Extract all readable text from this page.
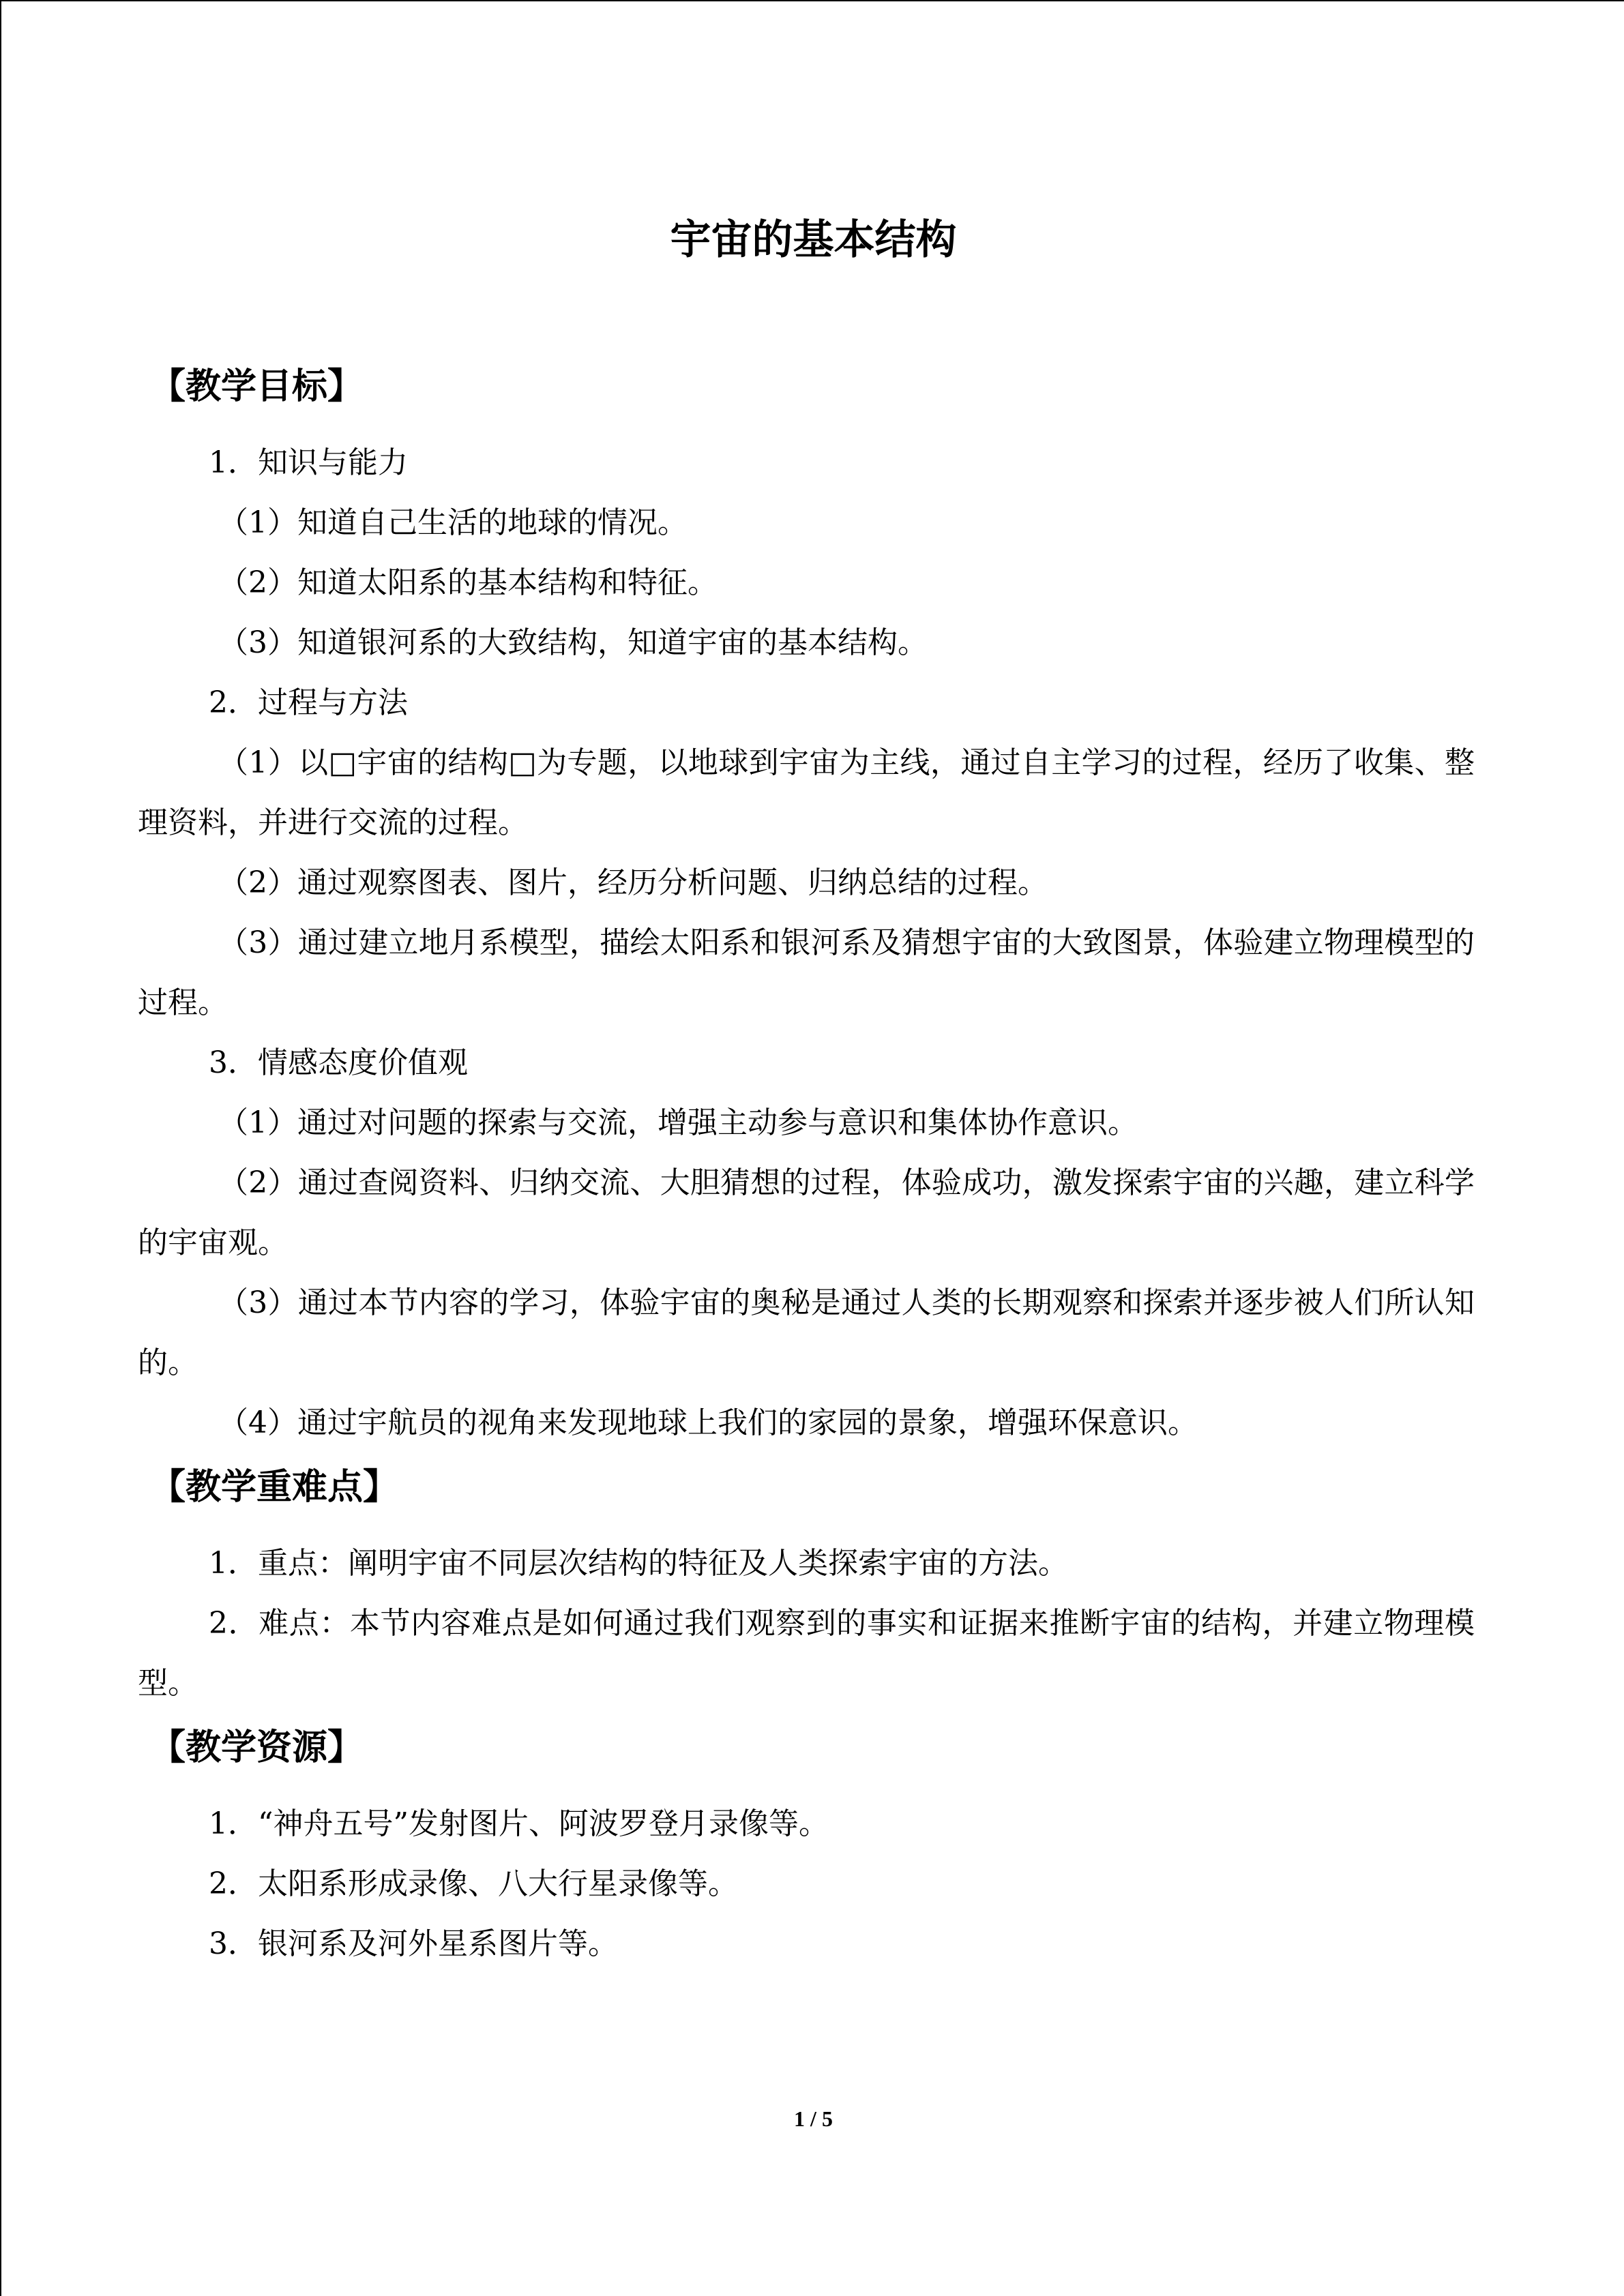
宇宙的基本结构
【教学目标】

1．知识与能力

（1）知道自己生活的地球的情况。

（2）知道太阳系的基本结构和特征。

（3）知道银河系的大致结构，知道宇宙的基本结构。

2．过程与方法

（1）以□宇宙的结构□为专题，以地球到宇宙为主线，通过自主学习的过程，经历了收集、整理资料，并进行交流的过程。

（2）通过观察图表、图片，经历分析问题、归纳总结的过程。

（3）通过建立地月系模型，描绘太阳系和银河系及猜想宇宙的大致图景，体验建立物理模型的过程。

3．情感态度价值观

（1）通过对问题的探索与交流，增强主动参与意识和集体协作意识。

（2）通过查阅资料、归纳交流、大胆猜想的过程，体验成功，激发探索宇宙的兴趣，建立科学的宇宙观。

（3）通过本节内容的学习，体验宇宙的奥秘是通过人类的长期观察和探索并逐步被人们所认知的。

（4）通过宇航员的视角来发现地球上我们的家园的景象，增强环保意识。

【教学重难点】

1．重点：阐明宇宙不同层次结构的特征及人类探索宇宙的方法。

2．难点：本节内容难点是如何通过我们观察到的事实和证据来推断宇宙的结构，并建立物理模型。

【教学资源】

1．“神舟五号”发射图片、阿波罗登月录像等。

2．太阳系形成录像、八大行星录像等。

3．银河系及河外星系图片等。

1 / 5
